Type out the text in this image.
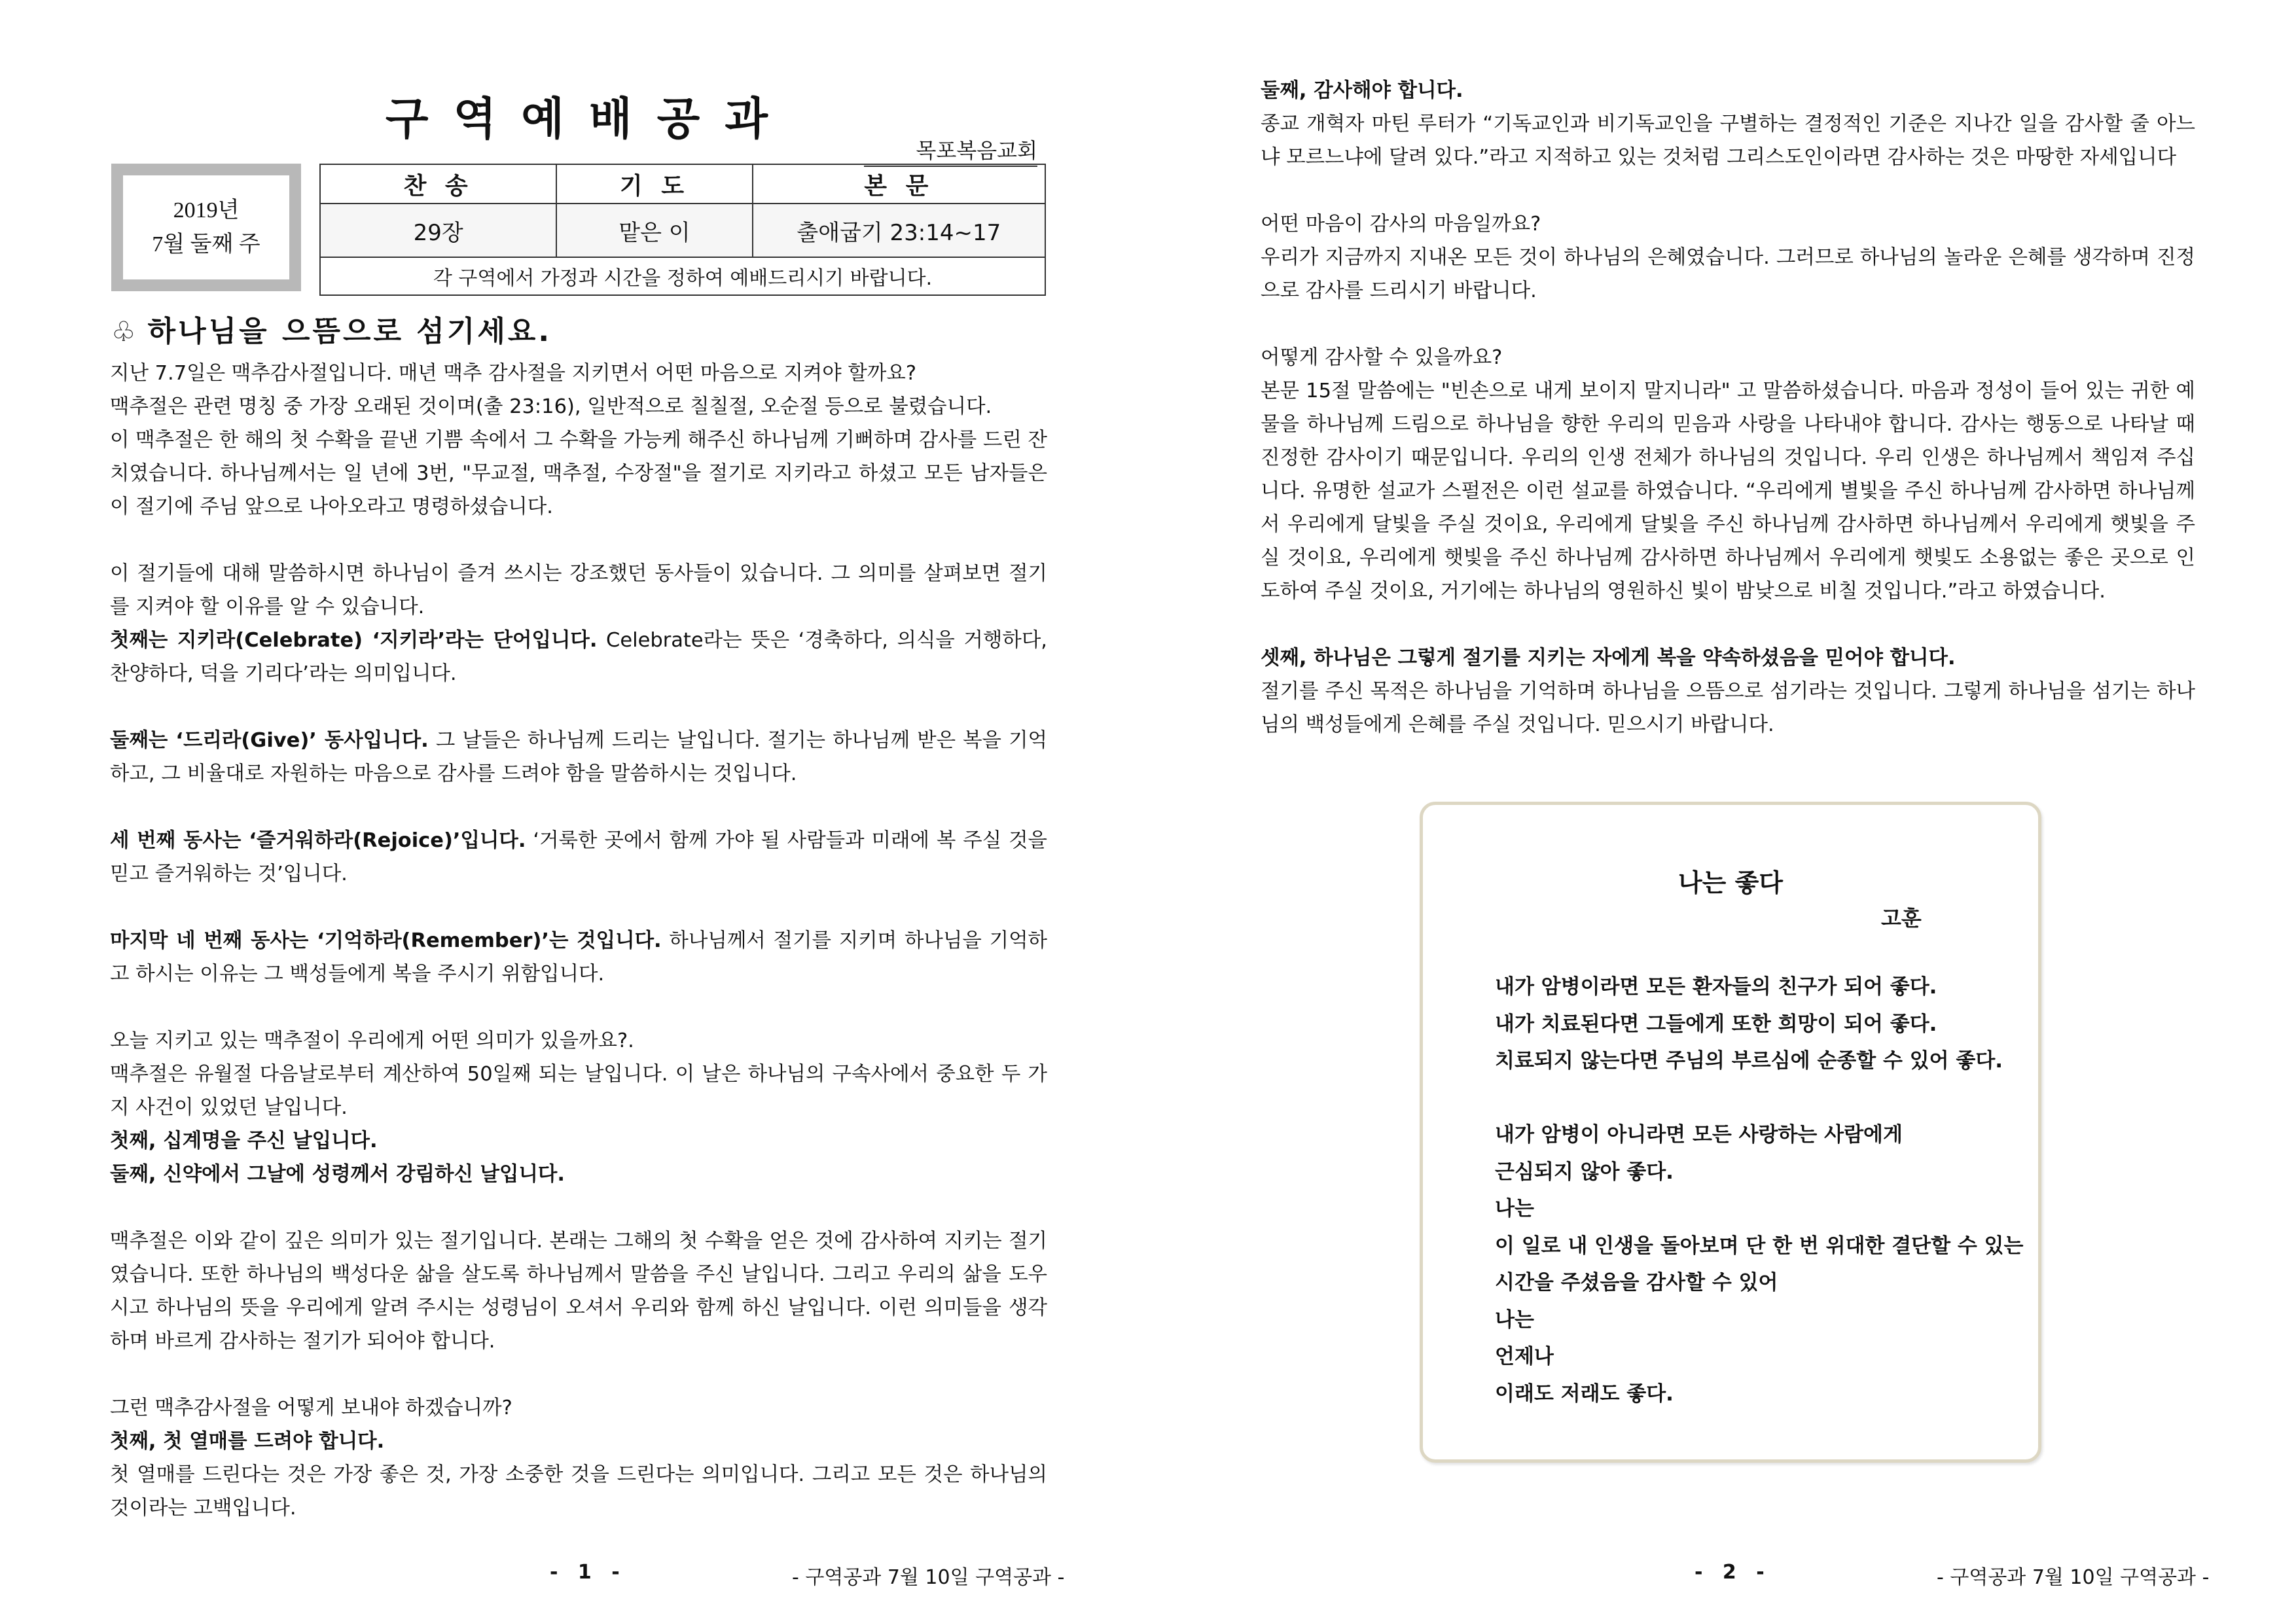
구역예배공과
목포복음교회
2019년
7월 둘째 주
찬 송	기 도	본 문
29장	맡은 이	출애굽기 23:14~17
각 구역에서 가정과 시간을 정하여 예배드리시기 바랍니다.		
♧ 하나님을 으뜸으로 섬기세요.

지난 7.7일은 맥추감사절입니다. 매년 맥추 감사절을 지키면서 어떤 마음으로 지켜야 할까요?

맥추절은 관련 명칭 중 가장 오래된 것이며(출 23:16), 일반적으로 칠칠절, 오순절 등으로 불렸습니다.

이 맥추절은 한 해의 첫 수확을 끝낸 기쁨 속에서 그 수확을 가능케 해주신 하나님께 기뻐하며 감사를 드린 잔치였습니다. 하나님께서는 일 년에 3번, "무교절, 맥추절, 수장절"을 절기로 지키라고 하셨고 모든 남자들은 이 절기에 주님 앞으로 나아오라고 명령하셨습니다.

이 절기들에 대해 말씀하시면 하나님이 즐겨 쓰시는 강조했던 동사들이 있습니다. 그 의미를 살펴보면 절기를 지켜야 할 이유를 알 수 있습니다.

첫째는 지키라(Celebrate) ‘지키라’라는 단어입니다. Celebrate라는 뜻은 ‘경축하다, 의식을 거행하다, 찬양하다, 덕을 기리다’라는 의미입니다.

둘째는 ‘드리라(Give)’ 동사입니다. 그 날들은 하나님께 드리는 날입니다. 절기는 하나님께 받은 복을 기억하고, 그 비율대로 자원하는 마음으로 감사를 드려야 함을 말씀하시는 것입니다.

세 번째 동사는 ‘즐거워하라(Rejoice)’입니다. ‘거룩한 곳에서 함께 가야 될 사람들과 미래에 복 주실 것을 믿고 즐거워하는 것’입니다.

마지막 네 번째 동사는 ‘기억하라(Remember)’는 것입니다. 하나님께서 절기를 지키며 하나님을 기억하고 하시는 이유는 그 백성들에게 복을 주시기 위함입니다.

오늘 지키고 있는 맥추절이 우리에게 어떤 의미가 있을까요?.

맥추절은 유월절 다음날로부터 계산하여 50일째 되는 날입니다. 이 날은 하나님의 구속사에서 중요한 두 가지 사건이 있었던 날입니다.

첫째, 십계명을 주신 날입니다.

둘째, 신약에서 그날에 성령께서 강림하신 날입니다.

맥추절은 이와 같이 깊은 의미가 있는 절기입니다. 본래는 그해의 첫 수확을 얻은 것에 감사하여 지키는 절기였습니다. 또한 하나님의 백성다운 삶을 살도록 하나님께서 말씀을 주신 날입니다. 그리고 우리의 삶을 도우시고 하나님의 뜻을 우리에게 알려 주시는 성령님이 오셔서 우리와 함께 하신 날입니다. 이런 의미들을 생각하며 바르게 감사하는 절기가 되어야 합니다.

그런 맥추감사절을 어떻게 보내야 하겠습니까?

첫째, 첫 열매를 드려야 합니다.

첫 열매를 드린다는 것은 가장 좋은 것, 가장 소중한 것을 드린다는 의미입니다. 그리고 모든 것은 하나님의 것이라는 고백입니다.

- 1 -	- 구역공과 7월 10일 구역공과 -

둘째, 감사해야 합니다.

종교 개혁자 마틴 루터가 “기독교인과 비기독교인을 구별하는 결정적인 기준은 지나간 일을 감사할 줄 아느냐 모르느냐에 달려 있다.”라고 지적하고 있는 것처럼 그리스도인이라면 감사하는 것은 마땅한 자세입니다

어떤 마음이 감사의 마음일까요?

우리가 지금까지 지내온 모든 것이 하나님의 은혜였습니다. 그러므로 하나님의 놀라운 은혜를 생각하며 진정으로 감사를 드리시기 바랍니다.

어떻게 감사할 수 있을까요?

본문 15절 말씀에는 "빈손으로 내게 보이지 말지니라" 고 말씀하셨습니다. 마음과 정성이 들어 있는 귀한 예물을 하나님께 드림으로 하나님을 향한 우리의 믿음과 사랑을 나타내야 합니다. 감사는 행동으로 나타날 때 진정한 감사이기 때문입니다. 우리의 인생 전체가 하나님의 것입니다. 우리 인생은 하나님께서 책임져 주십니다. 유명한 설교가 스펄전은 이런 설교를 하였습니다. “우리에게 별빛을 주신 하나님께 감사하면 하나님께서 우리에게 달빛을 주실 것이요, 우리에게 달빛을 주신 하나님께 감사하면 하나님께서 우리에게 햇빛을 주실 것이요, 우리에게 햇빛을 주신 하나님께 감사하면 하나님께서 우리에게 햇빛도 소용없는 좋은 곳으로 인도하여 주실 것이요, 거기에는 하나님의 영원하신 빛이 밤낮으로 비칠 것입니다.”라고 하였습니다.

셋째, 하나님은 그렇게 절기를 지키는 자에게 복을 약속하셨음을 믿어야 합니다.

절기를 주신 목적은 하나님을 기억하며 하나님을 으뜸으로 섬기라는 것입니다. 그렇게 하나님을 섬기는 하나님의 백성들에게 은혜를 주실 것입니다. 믿으시기 바랍니다.

나는 좋다
고훈

내가 암병이라면 모든 환자들의 친구가 되어 좋다.

내가 치료된다면 그들에게 또한 희망이 되어 좋다.

치료되지 않는다면 주님의 부르심에 순종할 수 있어 좋다.

내가 암병이 아니라면 모든 사랑하는 사람에게

근심되지 않아 좋다.

나는

이 일로 내 인생을 돌아보며 단 한 번 위대한 결단할 수 있는

시간을 주셨음을 감사할 수 있어

나는

언제나

이래도 저래도 좋다.

- 2 -	- 구역공과 7월 10일 구역공과 -
